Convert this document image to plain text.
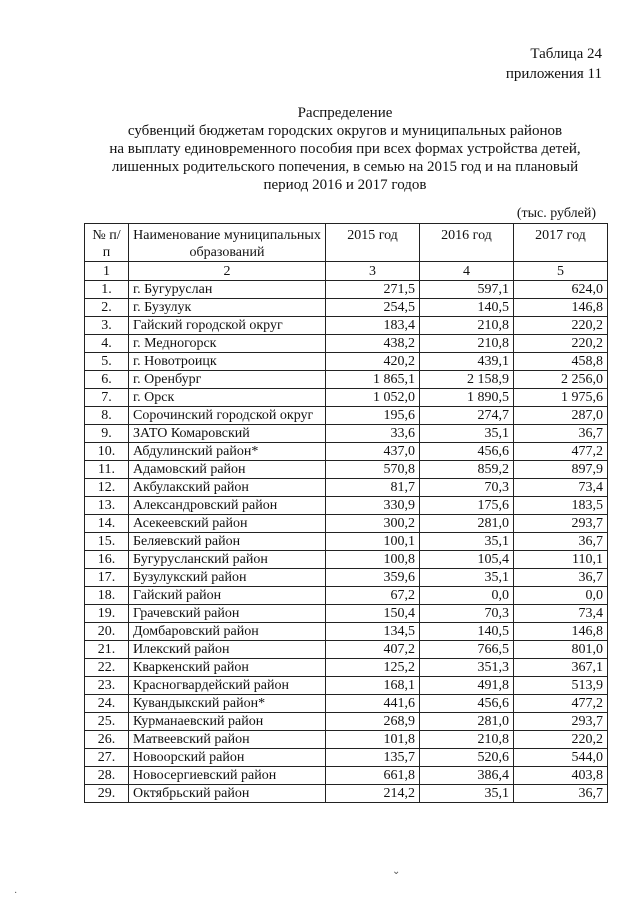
Таблица 24
приложения 11
Распределение
субвенций бюджетам городских округов и муниципальных районов
на выплату единовременного пособия при всех формах устройства детей,
лишенных родительского попечения, в семью на 2015 год и на плановый
период 2016 и 2017 годов
(тыс. рублей)
№ п/п	Наименование муниципальных образований	2015 год	2016 год	2017 год
1	2	3	4	5
1.	г. Бугуруслан	271,5	597,1	624,0
2.	г. Бузулук	254,5	140,5	146,8
3.	Гайский городской округ	183,4	210,8	220,2
4.	г. Медногорск	438,2	210,8	220,2
5.	г. Новотроицк	420,2	439,1	458,8
6.	г. Оренбург	1 865,1	2 158,9	2 256,0
7.	г. Орск	1 052,0	1 890,5	1 975,6
8.	Сорочинский городской округ	195,6	274,7	287,0
9.	ЗАТО Комаровский	33,6	35,1	36,7
10.	Абдулинский район*	437,0	456,6	477,2
11.	Адамовский район	570,8	859,2	897,9
12.	Акбулакский район	81,7	70,3	73,4
13.	Александровский район	330,9	175,6	183,5
14.	Асекеевский район	300,2	281,0	293,7
15.	Беляевский район	100,1	35,1	36,7
16.	Бугурусланский район	100,8	105,4	110,1
17.	Бузулукский район	359,6	35,1	36,7
18.	Гайский район	67,2	0,0	0,0
19.	Грачевский район	150,4	70,3	73,4
20.	Домбаровский район	134,5	140,5	146,8
21.	Илекский район	407,2	766,5	801,0
22.	Кваркенский район	125,2	351,3	367,1
23.	Красногвардейский район	168,1	491,8	513,9
24.	Кувандыкский район*	441,6	456,6	477,2
25.	Курманаевский район	268,9	281,0	293,7
26.	Матвеевский район	101,8	210,8	220,2
27.	Новоорский район	135,7	520,6	544,0
28.	Новосергиевский район	661,8	386,4	403,8
29.	Октябрьский район	214,2	35,1	36,7
⌄
·
